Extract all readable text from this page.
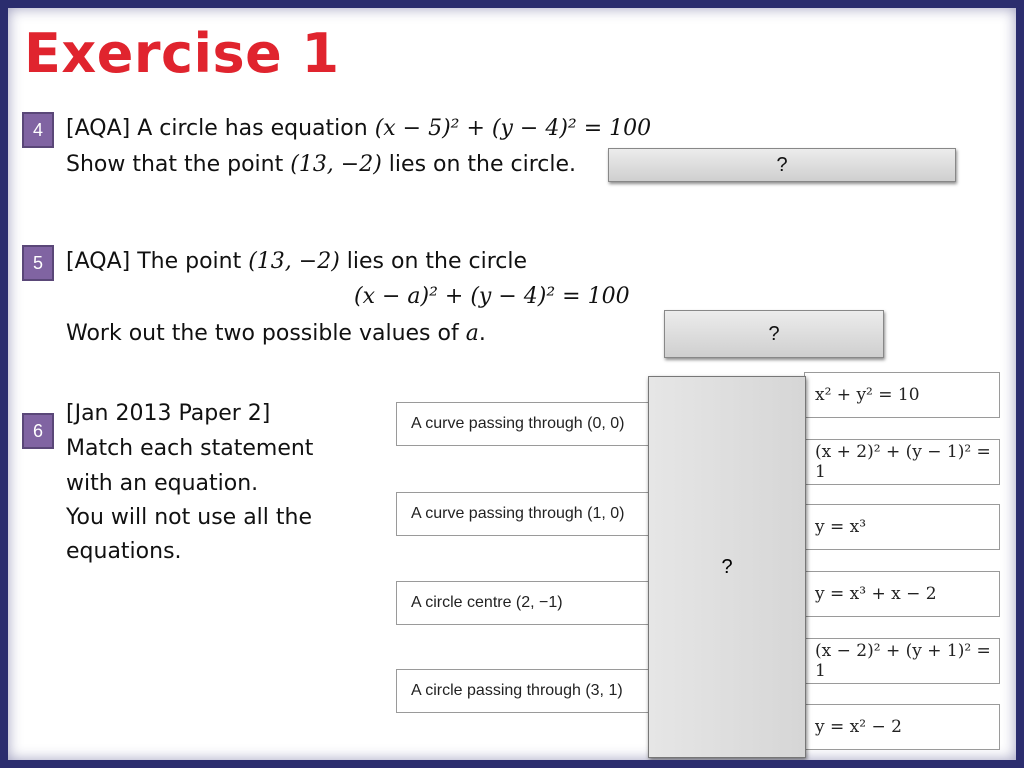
Exercise 1
4	[AQA] A circle has equation (x − 5)² + (y − 4)² = 100
Show that the point (13, −2) lies on the circle.	?
5	[AQA] The point (13, −2) lies on the circle
(x − a)² + (y − 4)² = 100
Work out the two possible values of a.	?
6
[Jan 2013 Paper 2]
Match each statement
with an equation.
You will not use all the
equations.
A curve passing through (0, 0)
A curve passing through (1, 0)
A circle centre (2, −1)
A circle passing through (3, 1)
x² + y² = 10
(x + 2)² + (y − 1)² = 1
y = x³
y = x³ + x − 2
(x − 2)² + (y + 1)² = 1
y = x² − 2
?
